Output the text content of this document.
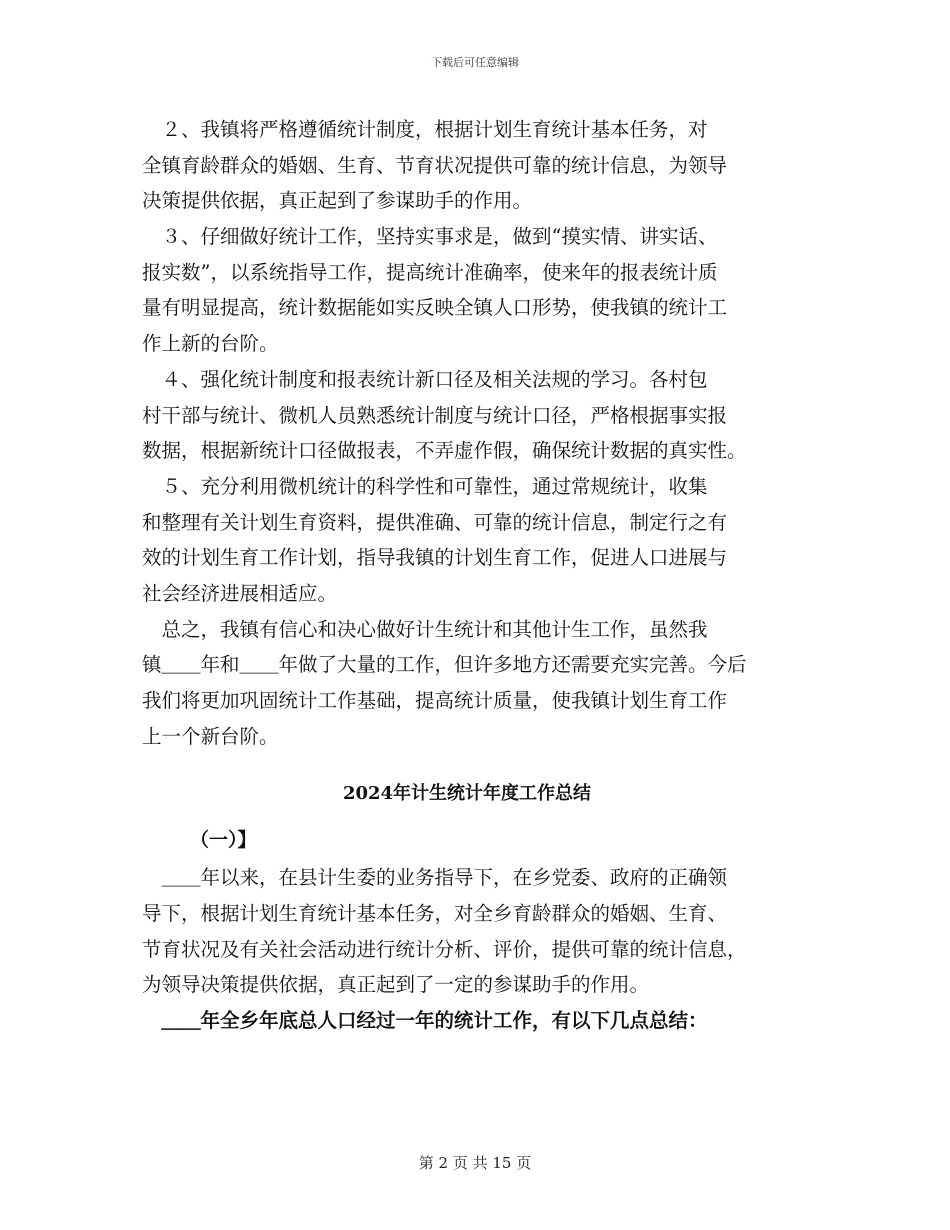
下载后可任意编辑
　２、我镇将严格遵循统计制度，根据计划生育统计基本任务，对
全镇育龄群众的婚姻、生育、节育状况提供可靠的统计信息，为领导
决策提供依据，真正起到了参谋助手的作用。
　３、仔细做好统计工作，坚持实事求是，做到“摸实情、讲实话、
报实数”，以系统指导工作，提高统计准确率，使来年的报表统计质
量有明显提高，统计数据能如实反映全镇人口形势，使我镇的统计工
作上新的台阶。
　４、强化统计制度和报表统计新口径及相关法规的学习。各村包
村干部与统计、微机人员熟悉统计制度与统计口径，严格根据事实报
数据，根据新统计口径做报表，不弄虚作假，确保统计数据的真实性。
　５、充分利用微机统计的科学性和可靠性，通过常规统计，收集
和整理有关计划生育资料，提供准确、可靠的统计信息，制定行之有
效的计划生育工作计划，指导我镇的计划生育工作，促进人口进展与
社会经济进展相适应。
　总之，我镇有信心和决心做好计生统计和其他计生工作，虽然我
镇＿＿年和＿＿年做了大量的工作，但许多地方还需要充实完善。今后
我们将更加巩固统计工作基础，提高统计质量，使我镇计划生育工作
上一个新台阶。
2024年计生统计年度工作总结
（一）】
　＿＿年以来，在县计生委的业务指导下，在乡党委、政府的正确领
导下，根据计划生育统计基本任务，对全乡育龄群众的婚姻、生育、
节育状况及有关社会活动进行统计分析、评价，提供可靠的统计信息，
为领导决策提供依据，真正起到了一定的参谋助手的作用。
　＿＿年全乡年底总人口经过一年的统计工作，有以下几点总结：
第 2 页 共 15 页
